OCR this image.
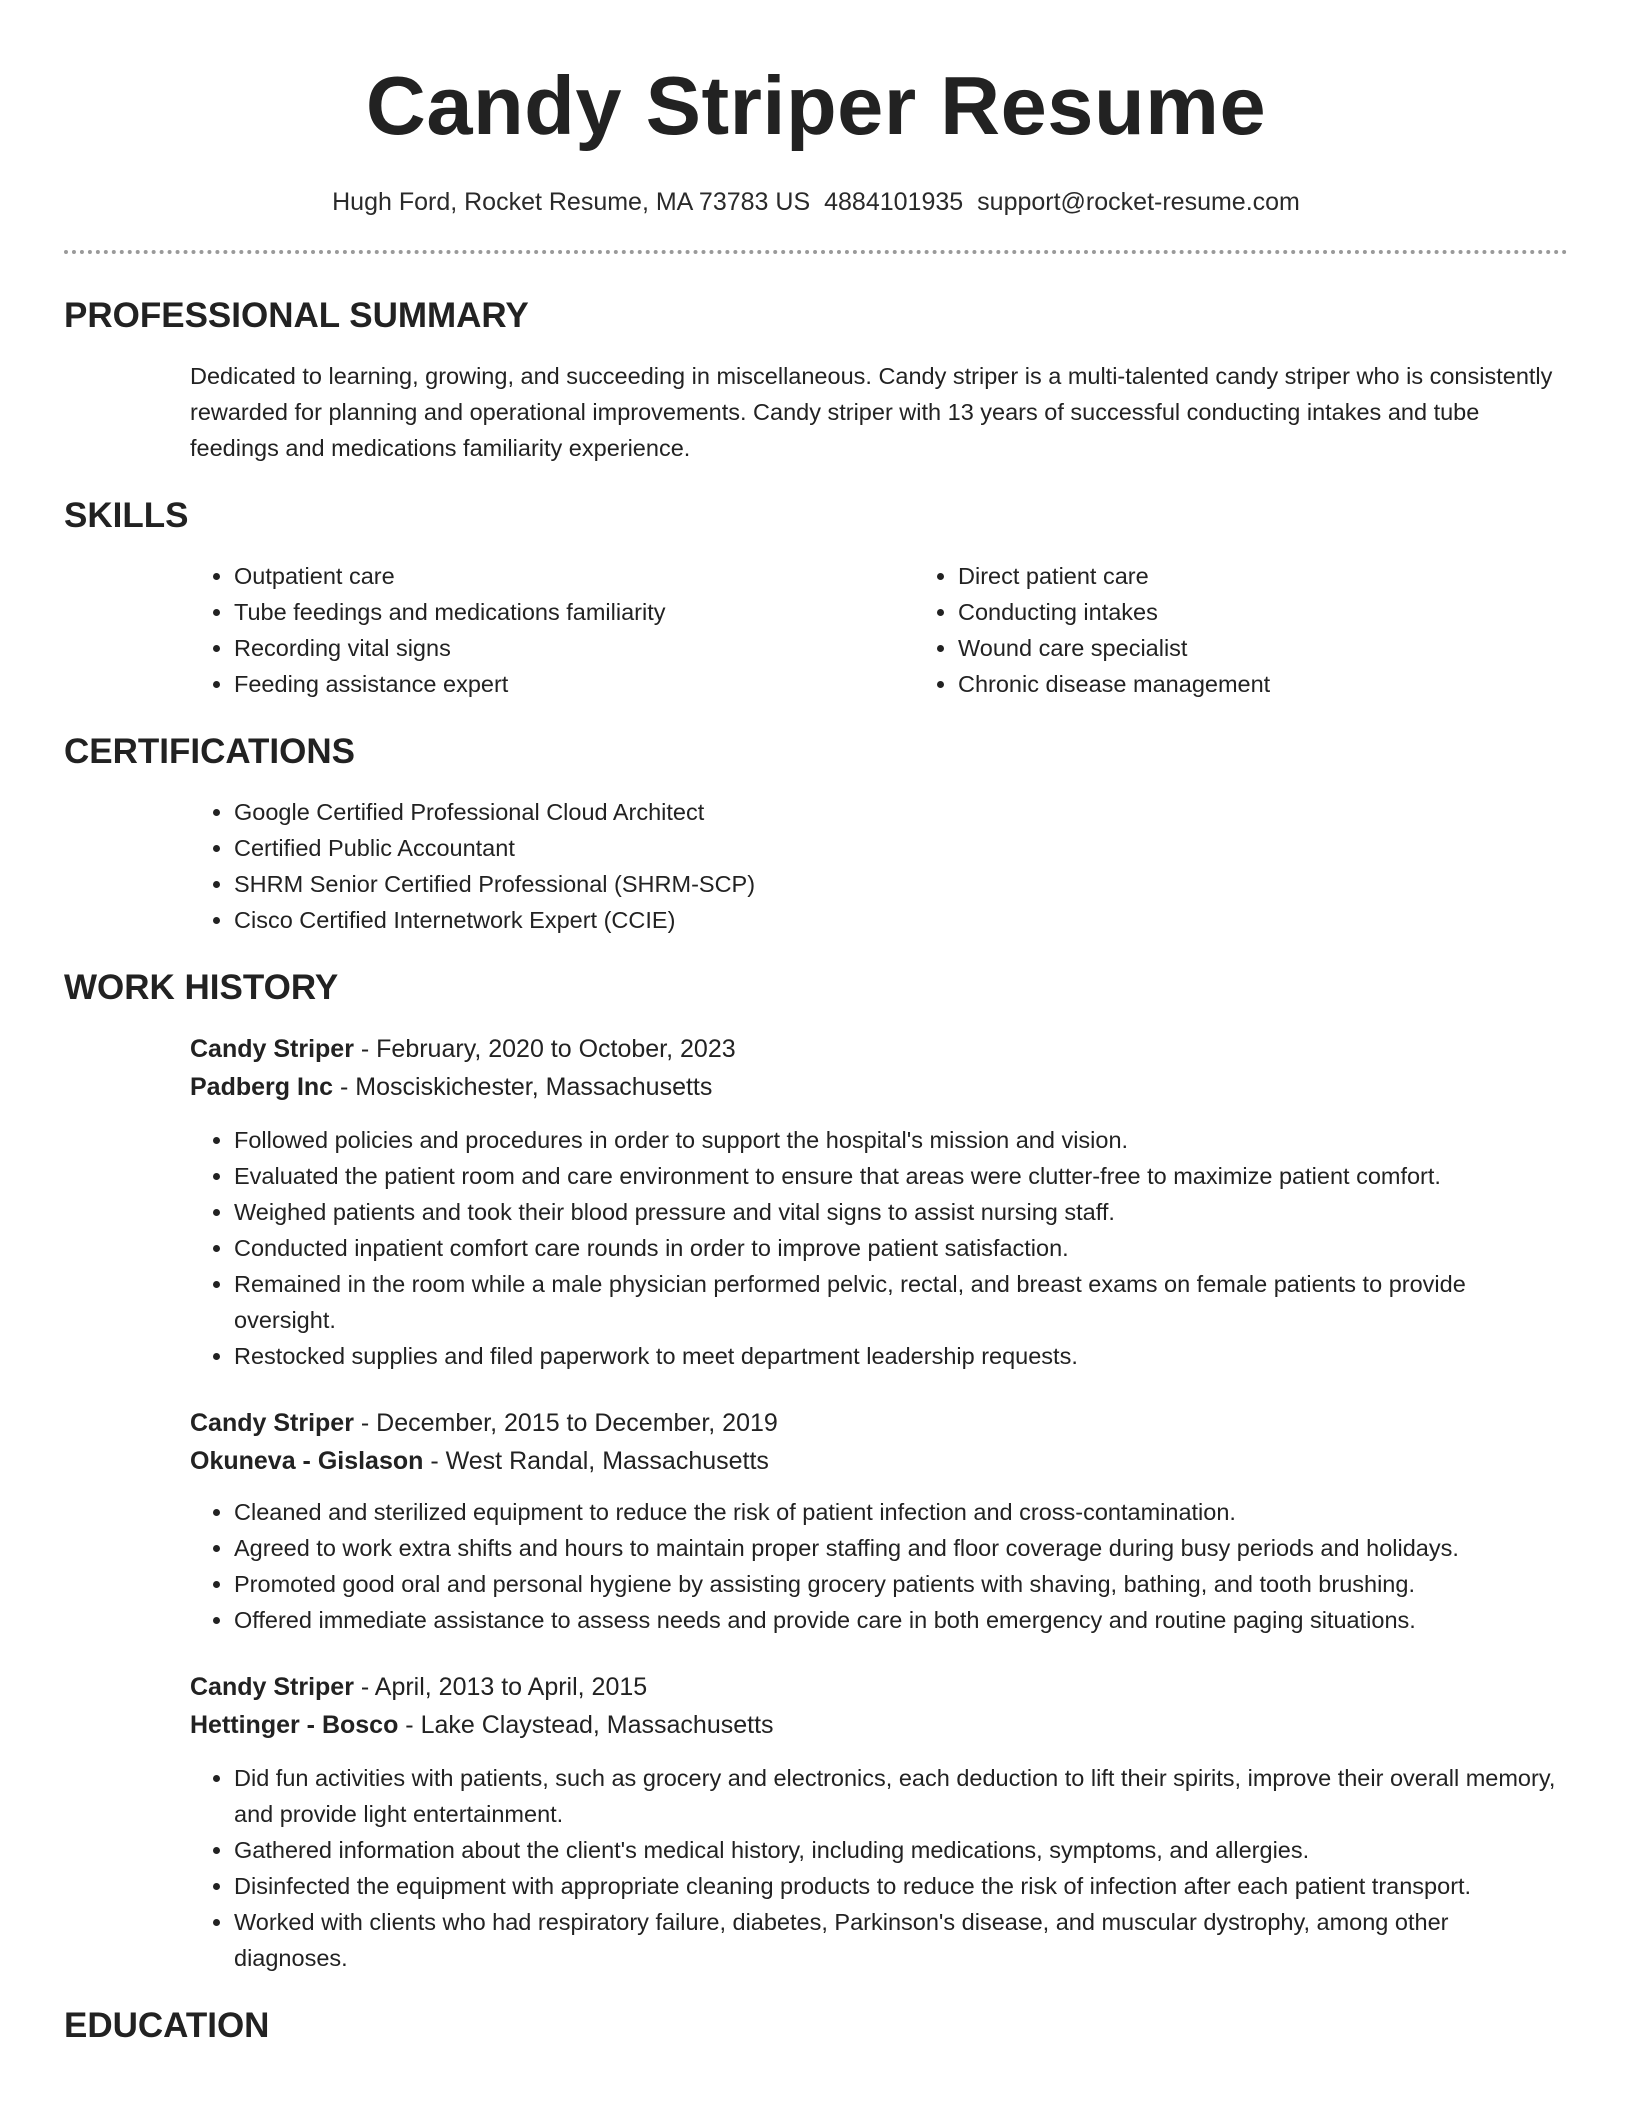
Candy Striper Resume
Hugh Ford, Rocket Resume, MA 73783 US 4884101935 support@rocket-resume.com
PROFESSIONAL SUMMARY
Dedicated to learning, growing, and succeeding in miscellaneous. Candy striper is a multi-talented candy striper who is consistently rewarded for planning and operational improvements. Candy striper with 13 years of successful conducting intakes and tube feedings and medications familiarity experience.
SKILLS
• Outpatient care
• Tube feedings and medications familiarity
• Recording vital signs
• Feeding assistance expert
• Direct patient care
• Conducting intakes
• Wound care specialist
• Chronic disease management
CERTIFICATIONS
• Google Certified Professional Cloud Architect
• Certified Public Accountant
• SHRM Senior Certified Professional (SHRM-SCP)
• Cisco Certified Internetwork Expert (CCIE)
WORK HISTORY
Candy Striper - February, 2020 to October, 2023
Padberg Inc - Mosciskichester, Massachusetts
• Followed policies and procedures in order to support the hospital's mission and vision.
• Evaluated the patient room and care environment to ensure that areas were clutter-free to maximize patient comfort.
• Weighed patients and took their blood pressure and vital signs to assist nursing staff.
• Conducted inpatient comfort care rounds in order to improve patient satisfaction.
• Remained in the room while a male physician performed pelvic, rectal, and breast exams on female patients to provide oversight.
• Restocked supplies and filed paperwork to meet department leadership requests.
Candy Striper - December, 2015 to December, 2019
Okuneva - Gislason - West Randal, Massachusetts
• Cleaned and sterilized equipment to reduce the risk of patient infection and cross-contamination.
• Agreed to work extra shifts and hours to maintain proper staffing and floor coverage during busy periods and holidays.
• Promoted good oral and personal hygiene by assisting grocery patients with shaving, bathing, and tooth brushing.
• Offered immediate assistance to assess needs and provide care in both emergency and routine paging situations.
Candy Striper - April, 2013 to April, 2015
Hettinger - Bosco - Lake Claystead, Massachusetts
• Did fun activities with patients, such as grocery and electronics, each deduction to lift their spirits, improve their overall memory, and provide light entertainment.
• Gathered information about the client's medical history, including medications, symptoms, and allergies.
• Disinfected the equipment with appropriate cleaning products to reduce the risk of infection after each patient transport.
• Worked with clients who had respiratory failure, diabetes, Parkinson's disease, and muscular dystrophy, among other diagnoses.
EDUCATION
